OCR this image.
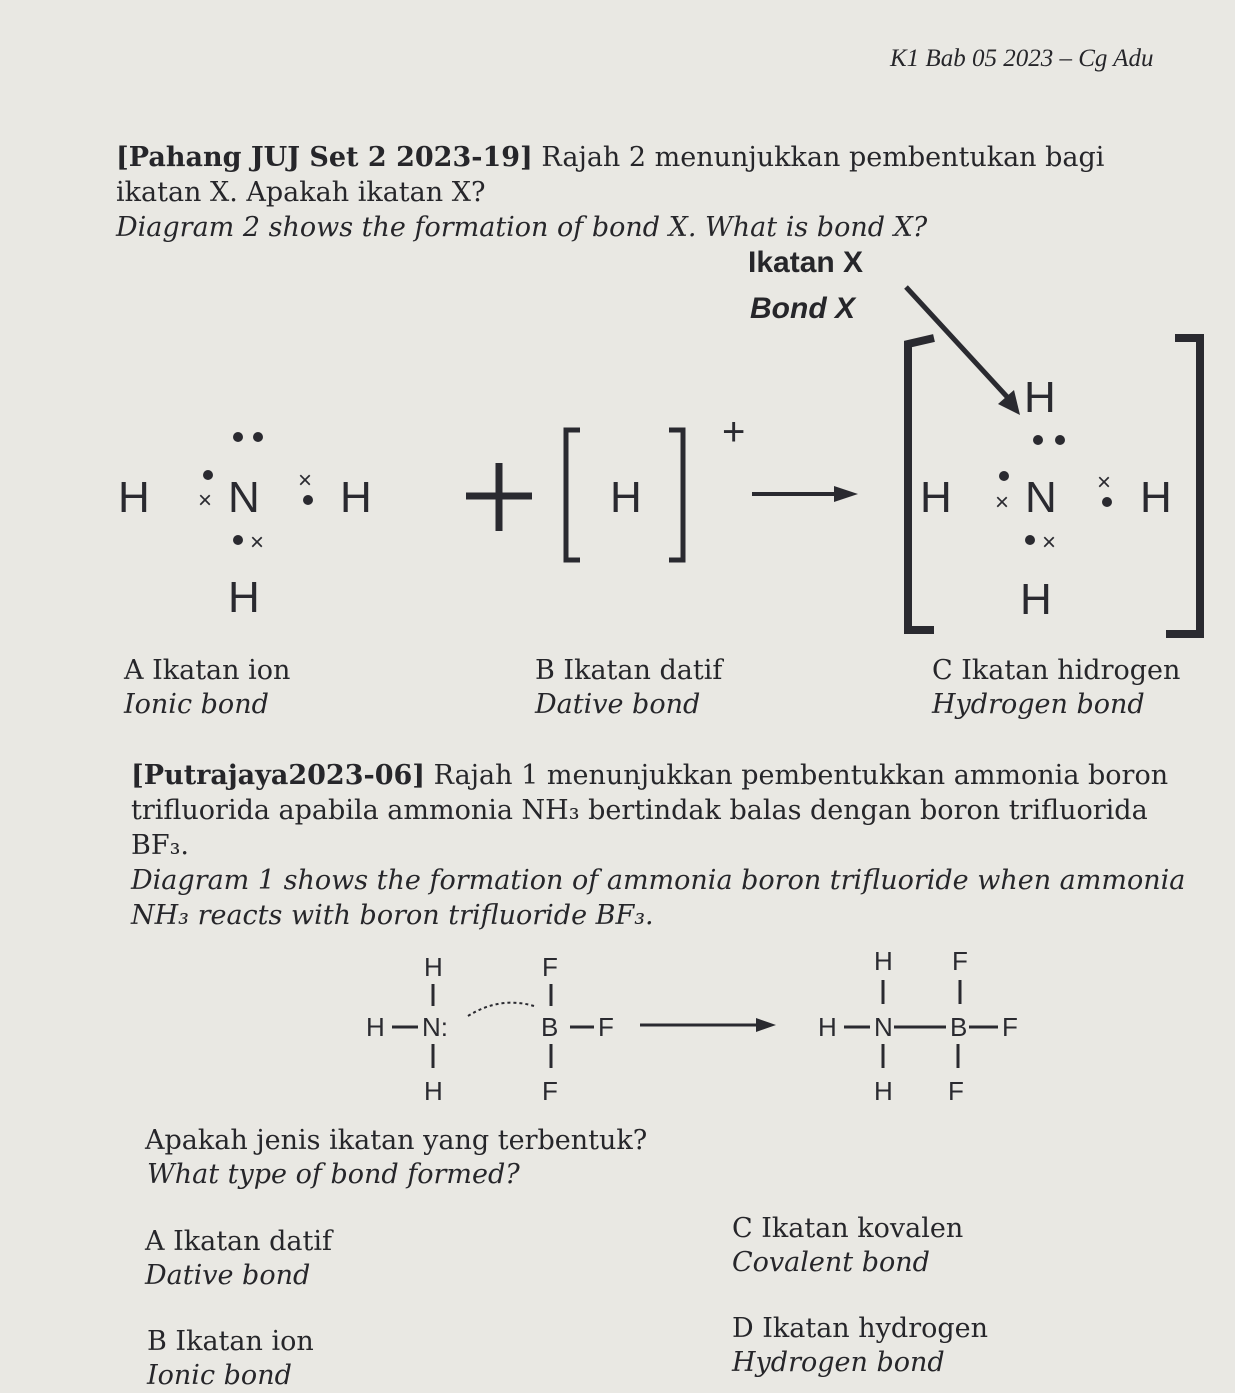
K1 Bab 05 2023 – Cg Adu
[Pahang JUJ Set 2 2023-19] Rajah 2 menunjukkan pembentukan bagi
ikatan X. Apakah ikatan X?
Diagram 2 shows the formation of bond X. What is bond X?
Ikatan X
Bond X
H N H
H
×
×
×
H
+
H
H N H
H
×
×
×
A Ikatan ion
Ionic bond
B Ikatan datif
Dative bond
C Ikatan hidrogen
Hydrogen bond
[Putrajaya2023-06] Rajah 1 menunjukkan pembentukkan ammonia boron
trifluorida apabila ammonia NH₃ bertindak balas dengan boron trifluorida
BF₃.
Diagram 1 shows the formation of ammonia boron trifluoride when ammonia
NH₃ reacts with boron trifluoride BF₃.
H
H N:
H
F
B F
F
H F
H N B F
H F
Apakah jenis ikatan yang terbentuk?
What type of bond formed?
A Ikatan datif
Dative bond
B Ikatan ion
Ionic bond
C Ikatan kovalen
Covalent bond
D Ikatan hydrogen
Hydrogen bond
